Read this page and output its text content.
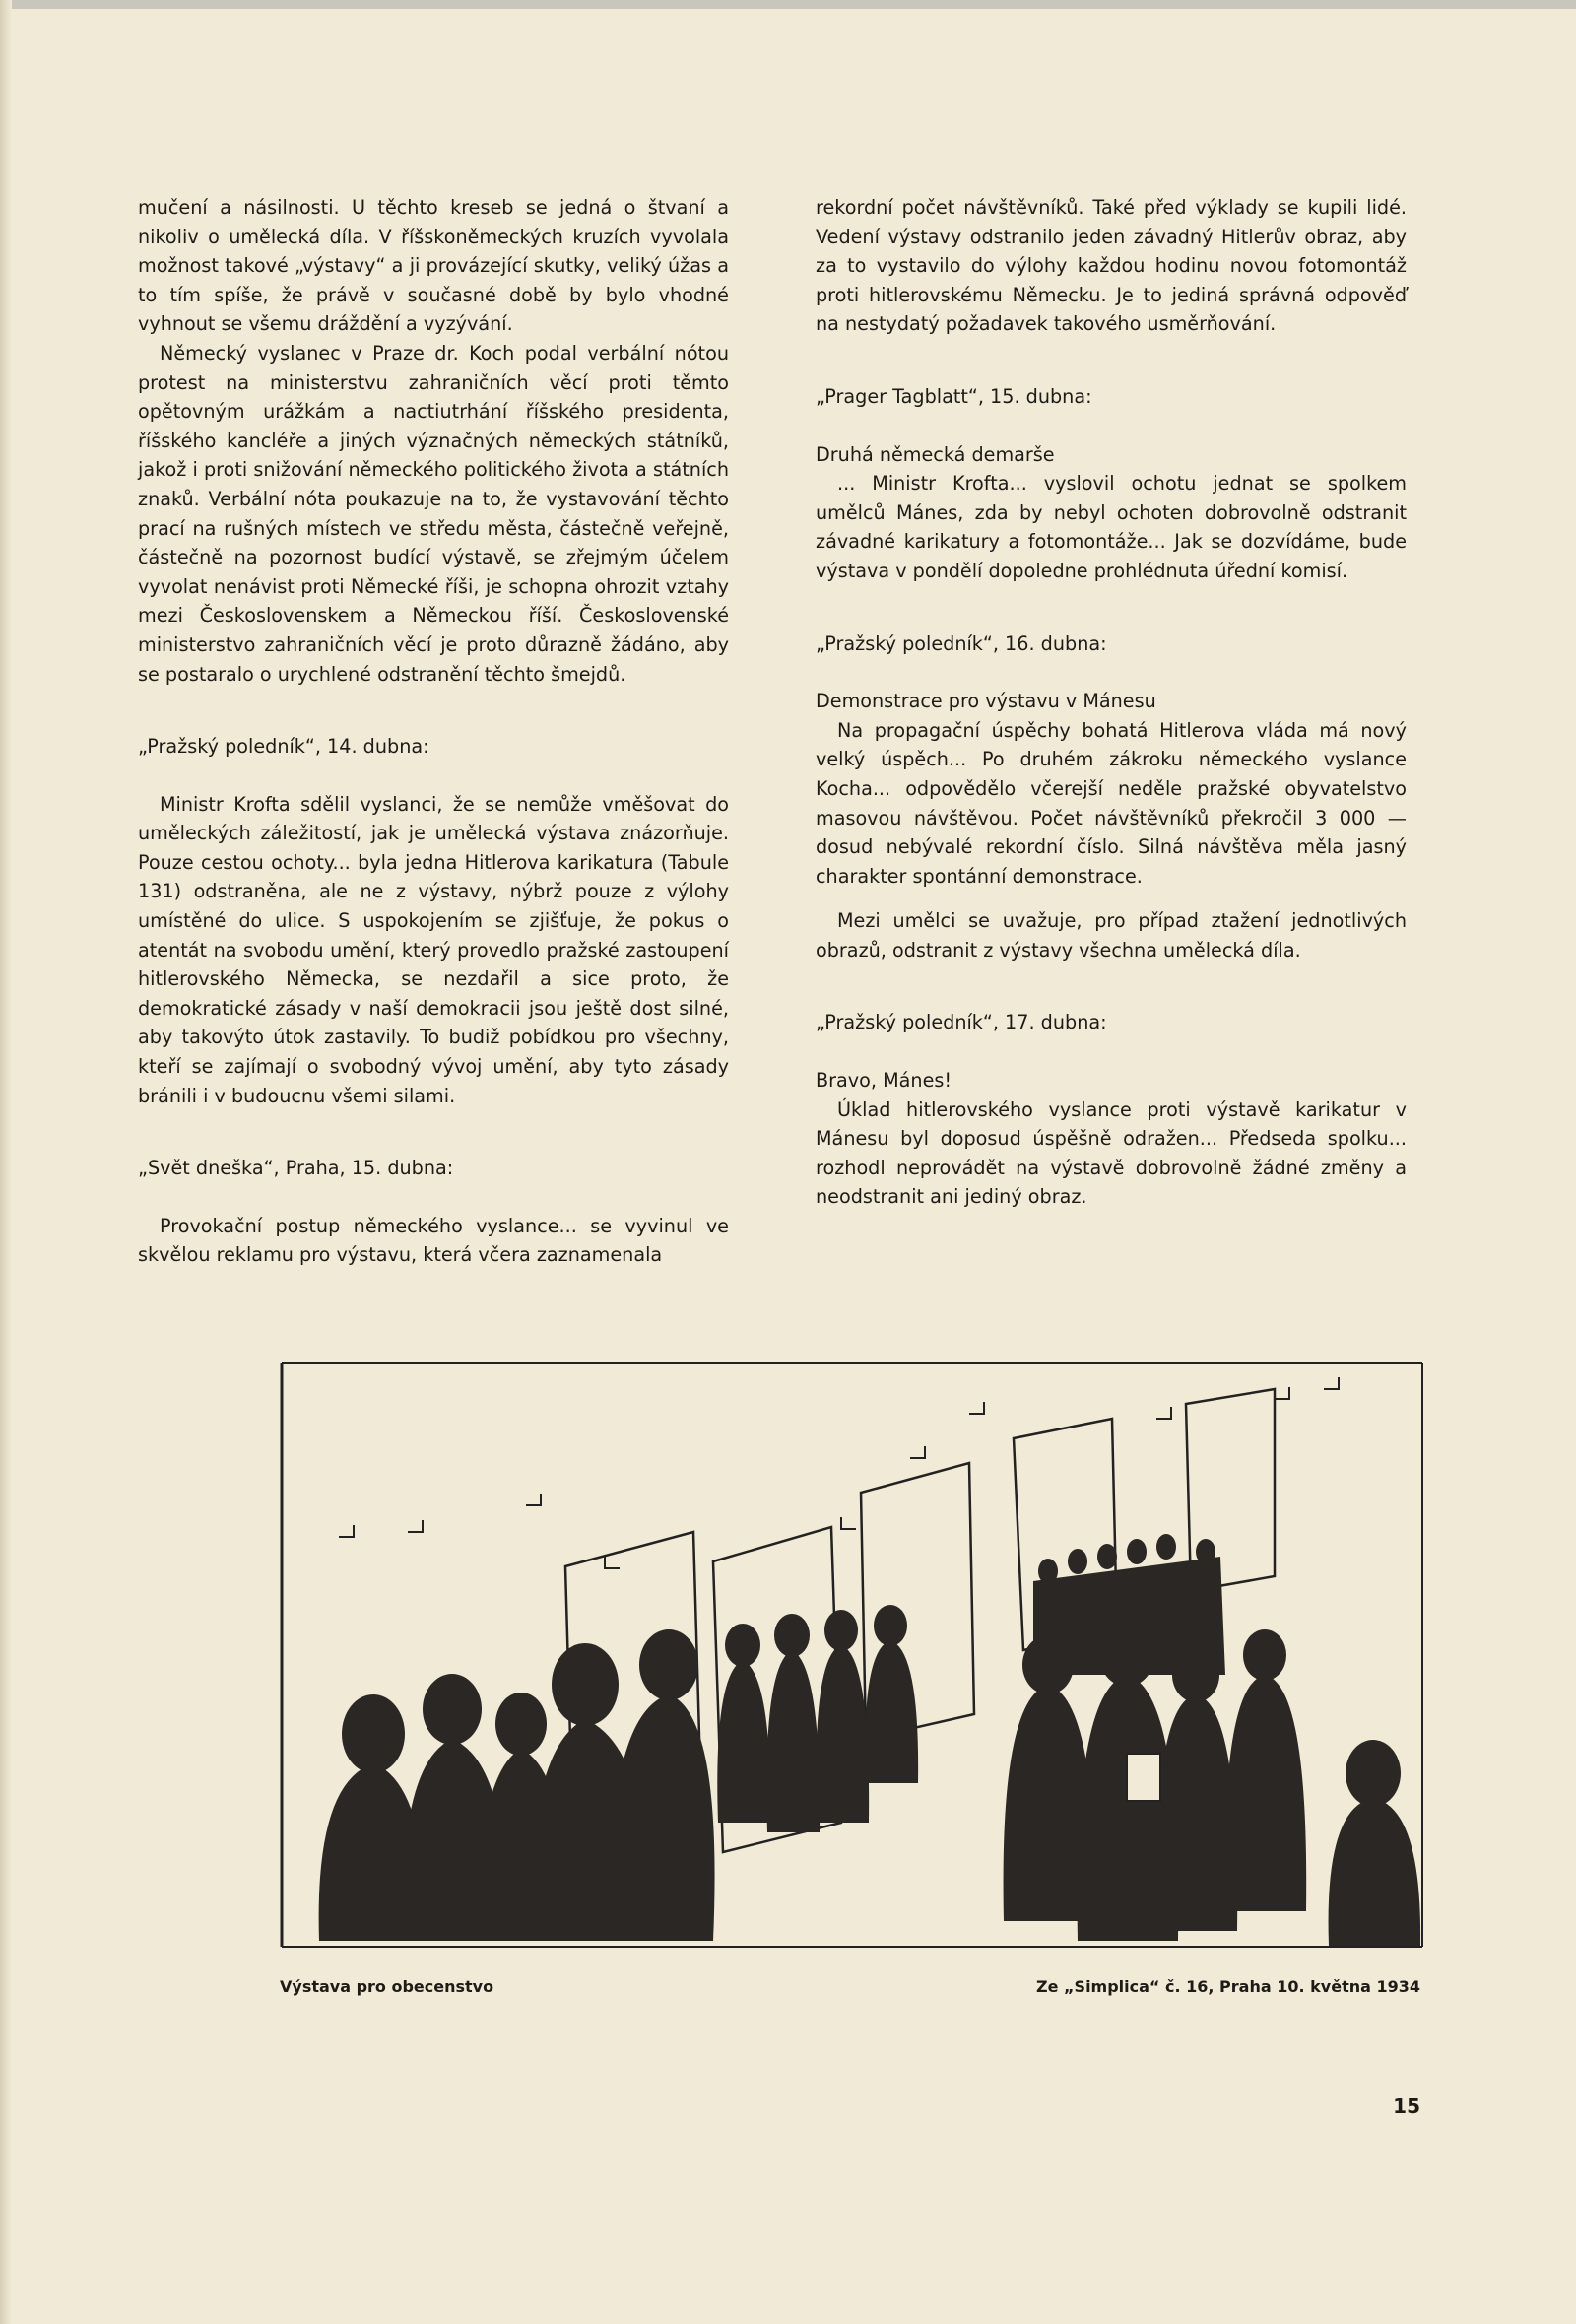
mučení a násilnosti. U těchto kreseb se jedná o štvaní a nikoliv o umělecká díla. V říšskoněmeckých kruzích vyvolala možnost takové „výstavy“ a ji provázející skutky, veliký úžas a to tím spíše, že právě v současné době by bylo vhodné vyhnout se všemu dráždění a vyzývání.

Německý vyslanec v Praze dr. Koch podal verbální nótou protest na ministerstvu zahraničních věcí proti těmto opětovným urážkám a nactiutrhání říšského presidenta, říšského kancléře a jiných význačných německých státníků, jakož i proti snižování německého politického života a státních znaků. Verbální nóta poukazuje na to, že vystavování těchto prací na rušných místech ve středu města, částečně veřejně, částečně na pozornost budící výstavě, se zřejmým účelem vyvolat nenávist proti Německé říši, je schopna ohrozit vztahy mezi Československem a Německou říší. Československé ministerstvo zahraničních věcí je proto důrazně žádáno, aby se postaralo o urychlené odstranění těchto šmejdů.

„Pražský poledník“, 14. dubna:

Ministr Krofta sdělil vyslanci, že se nemůže vměšovat do uměleckých záležitostí, jak je umělecká výstava znázorňuje. Pouze cestou ochoty... byla jedna Hitlerova karikatura (Tabule 131) odstraněna, ale ne z výstavy, nýbrž pouze z výlohy umístěné do ulice. S uspokojením se zjišťuje, že pokus o atentát na svobodu umění, který provedlo pražské zastoupení hitlerovského Německa, se nezdařil a sice proto, že demokratické zásady v naší demokracii jsou ještě dost silné, aby takovýto útok zastavily. To budiž pobídkou pro všechny, kteří se zajímají o svobodný vývoj umění, aby tyto zásady bránili i v budoucnu všemi silami.

„Svět dneška“, Praha, 15. dubna:

Provokační postup německého vyslance... se vyvinul ve skvělou reklamu pro výstavu, která včera zaznamenala

rekordní počet návštěvníků. Také před výklady se kupili lidé. Vedení výstavy odstranilo jeden závadný Hitlerův obraz, aby za to vystavilo do výlohy každou hodinu novou fotomontáž proti hitlerovskému Německu. Je to jediná správná odpověď na nestydatý požadavek takového usměrňování.

„Prager Tagblatt“, 15. dubna:

Druhá německá demarše

... Ministr Krofta... vyslovil ochotu jednat se spolkem umělců Mánes, zda by nebyl ochoten dobrovolně odstranit závadné karikatury a fotomontáže... Jak se dozvídáme, bude výstava v pondělí dopoledne prohlédnuta úřední komisí.

„Pražský poledník“, 16. dubna:

Demonstrace pro výstavu v Mánesu

Na propagační úspěchy bohatá Hitlerova vláda má nový velký úspěch... Po druhém zákroku německého vyslance Kocha... odpovědělo včerejší neděle pražské obyvatelstvo masovou návštěvou. Počet návštěvníků překročil 3 000 — dosud nebývalé rekordní číslo. Silná návštěva měla jasný charakter spontánní demonstrace.

Mezi umělci se uvažuje, pro případ ztažení jednotlivých obrazů, odstranit z výstavy všechna umělecká díla.

„Pražský poledník“, 17. dubna:

Bravo, Mánes!

Úklad hitlerovského vyslance proti výstavě karikatur v Mánesu byl doposud úspěšně odražen... Předseda spolku... rozhodl neprovádět na výstavě dobrovolně žádné změny a neodstranit ani jediný obraz.

Výstava pro obecenstvo	Ze „Simplica“ č. 16, Praha 10. května 1934
15
